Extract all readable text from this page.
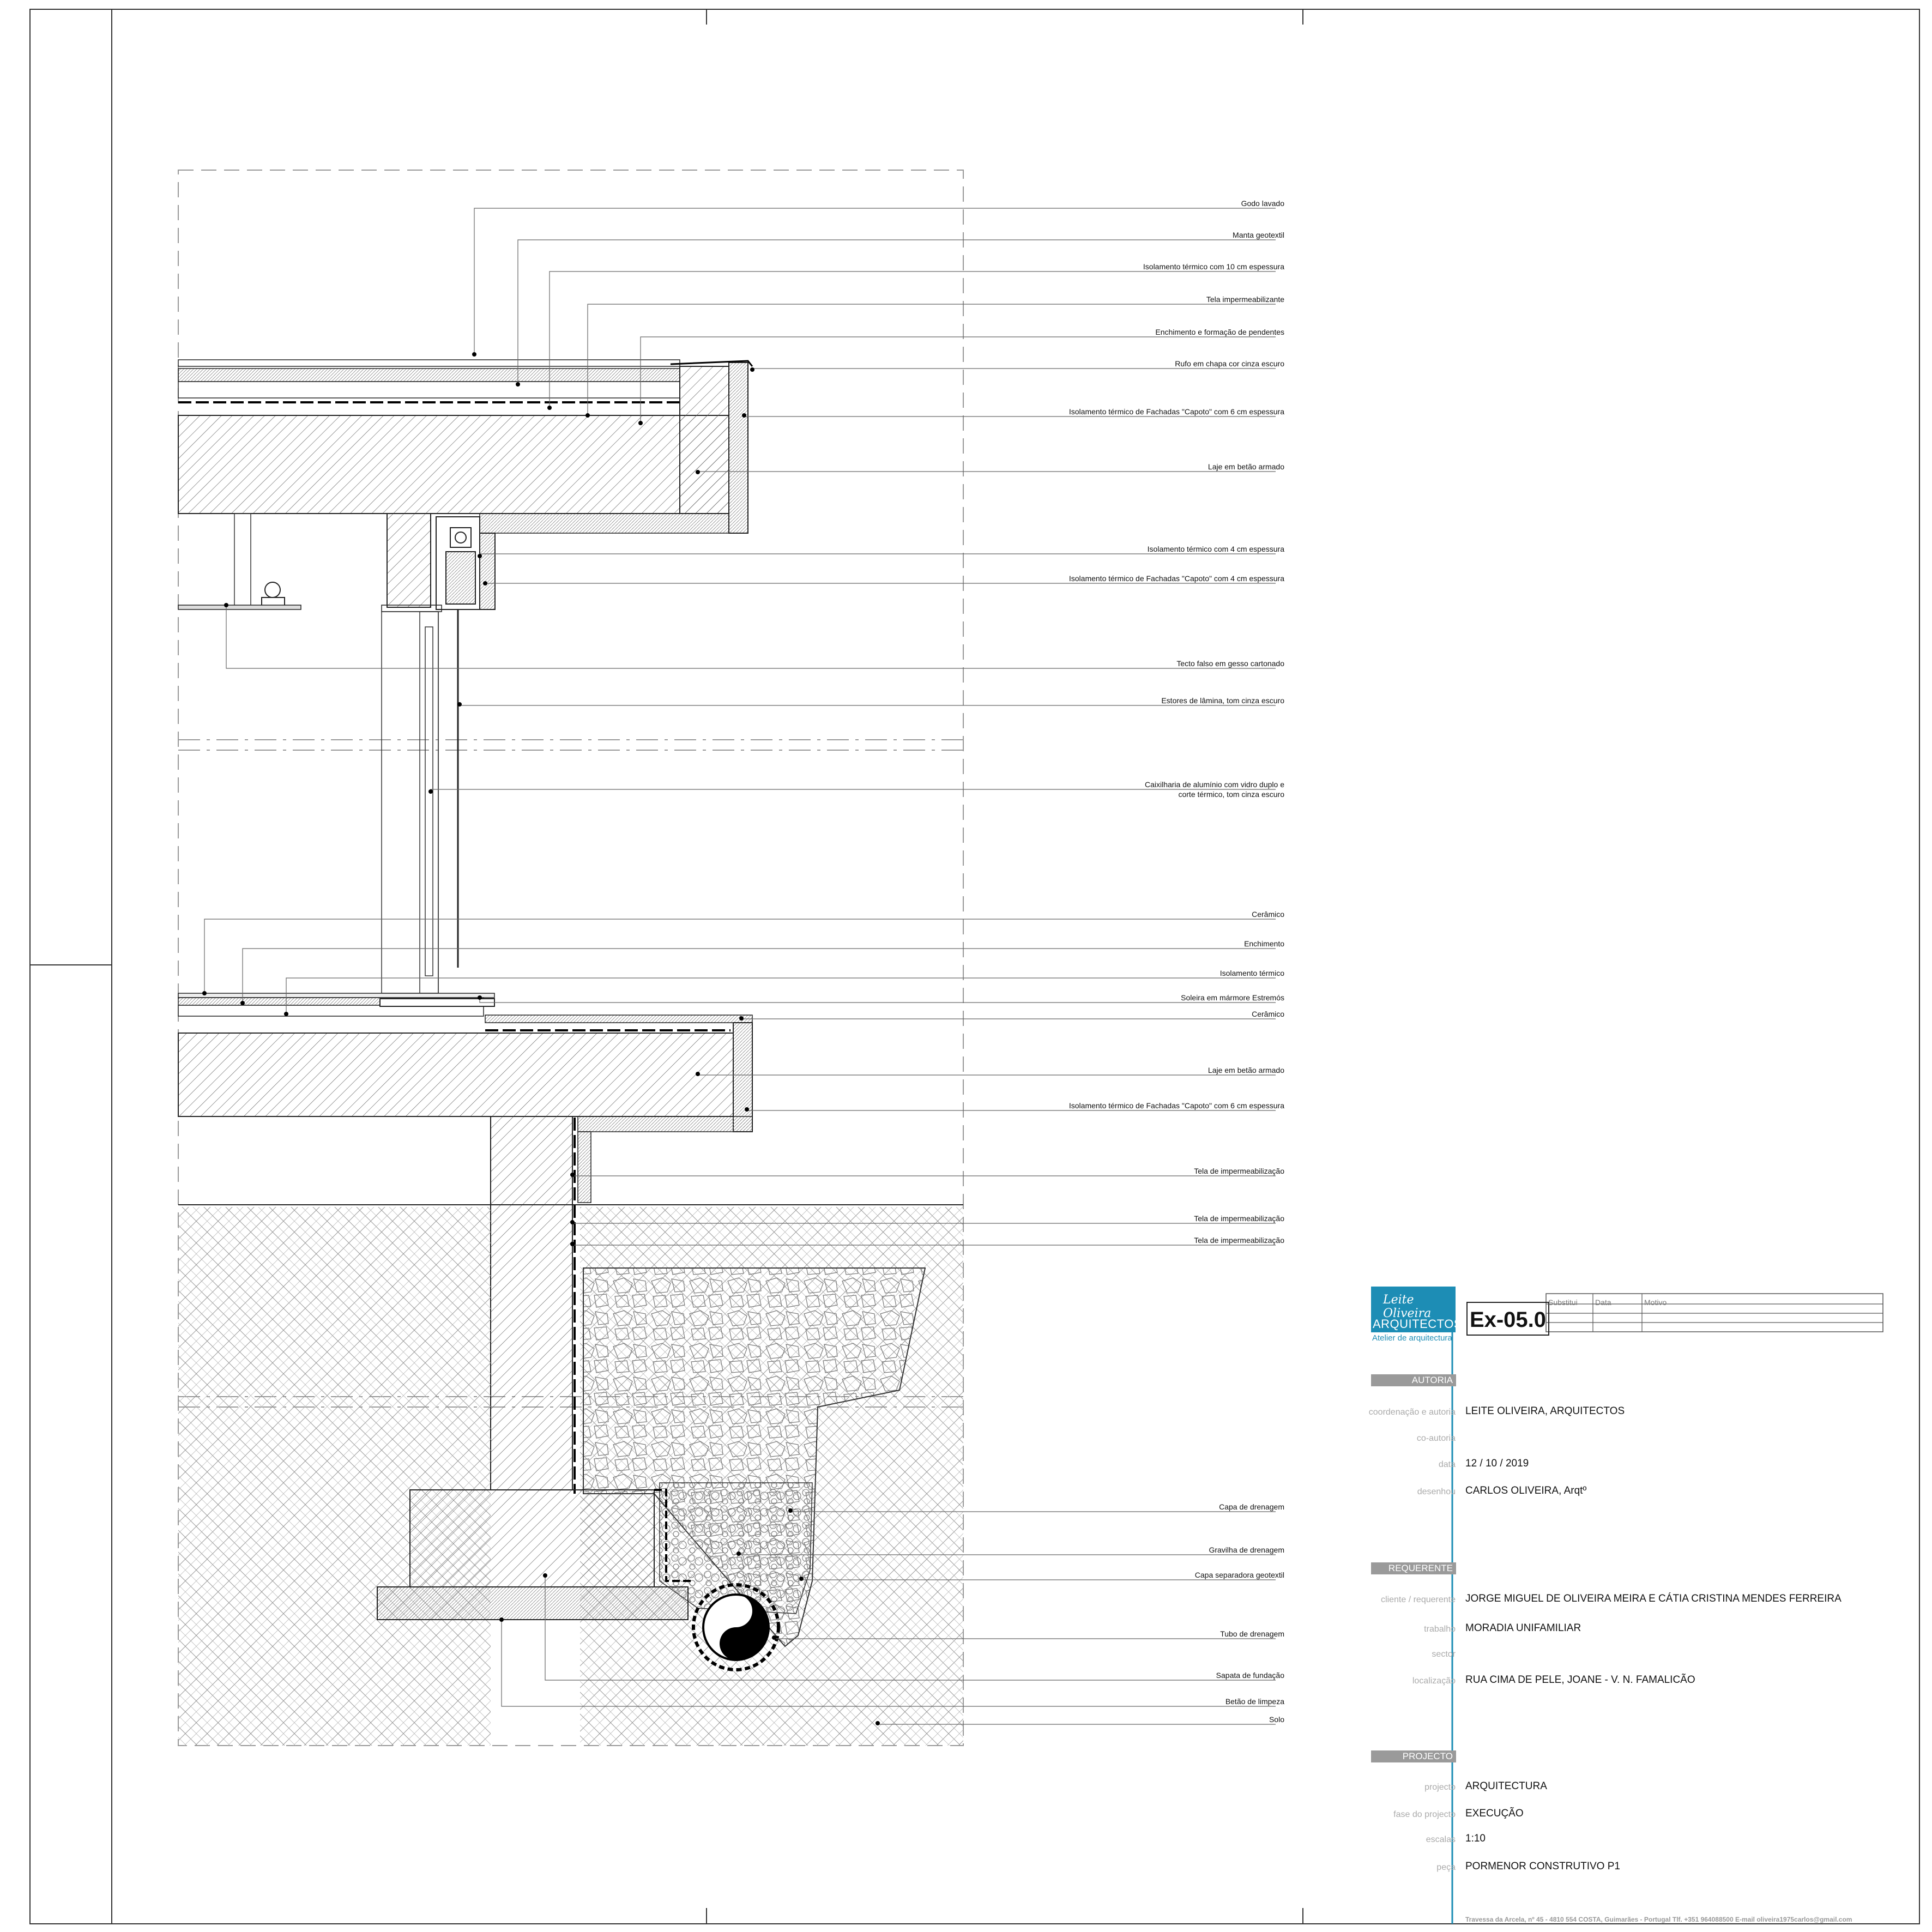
Godo lavado
Manta geotextil
Isolamento térmico com 10 cm espessura
Tela impermeabilizante
Enchimento e formação de pendentes
Rufo em chapa cor cinza escuro
Isolamento térmico de Fachadas "Capoto" com 6 cm espessura
Laje em betão armado
Isolamento térmico com 4 cm espessura
Isolamento térmico de Fachadas "Capoto" com 4 cm espessura
Tecto falso em gesso cartonado
Estores de lâmina, tom cinza escuro
Caixilharia de alumínio com vidro duplo e
corte térmico, tom cinza escuro
Cerâmico
Enchimento
Isolamento térmico
Soleira em mármore Estremós
Cerâmico
Laje em betão armado
Isolamento térmico de Fachadas "Capoto" com 6 cm espessura
Tela de impermeabilização
Tela de impermeabilização
Tela de impermeabilização
Capa de drenagem
Gravilha de drenagem
Capa separadora geotextil
Tubo de drenagem
Sapata de fundação
Betão de limpeza
Solo
Leite Oliveira
ARQUITECTOS
Atelier de arquitectura
Ex-05.0
Substitui Data	Motivo
AUTORIA
REQUERENTE
PROJECTO
coordenação e autoria LEITE OLIVEIRA, ARQUITECTOS
co-autoria
data 12 / 10 / 2019
desenhou CARLOS OLIVEIRA, Arqtº
cliente / requerente JORGE MIGUEL DE OLIVEIRA MEIRA E CÁTIA CRISTINA MENDES FERREIRA
trabalho MORADIA UNIFAMILIAR
sector
localização RUA CIMA DE PELE, JOANE - V. N. FAMALICÃO
projecto ARQUITECTURA
fase do projecto EXECUÇÃO
escalas 1:10
peça PORMENOR CONSTRUTIVO P1
Travessa da Arcela, nº 45 - 4810 554 COSTA, Guimarães - Portugal Tlf. +351 964088500 E-mail oliveira1975carlos@gmail.com
